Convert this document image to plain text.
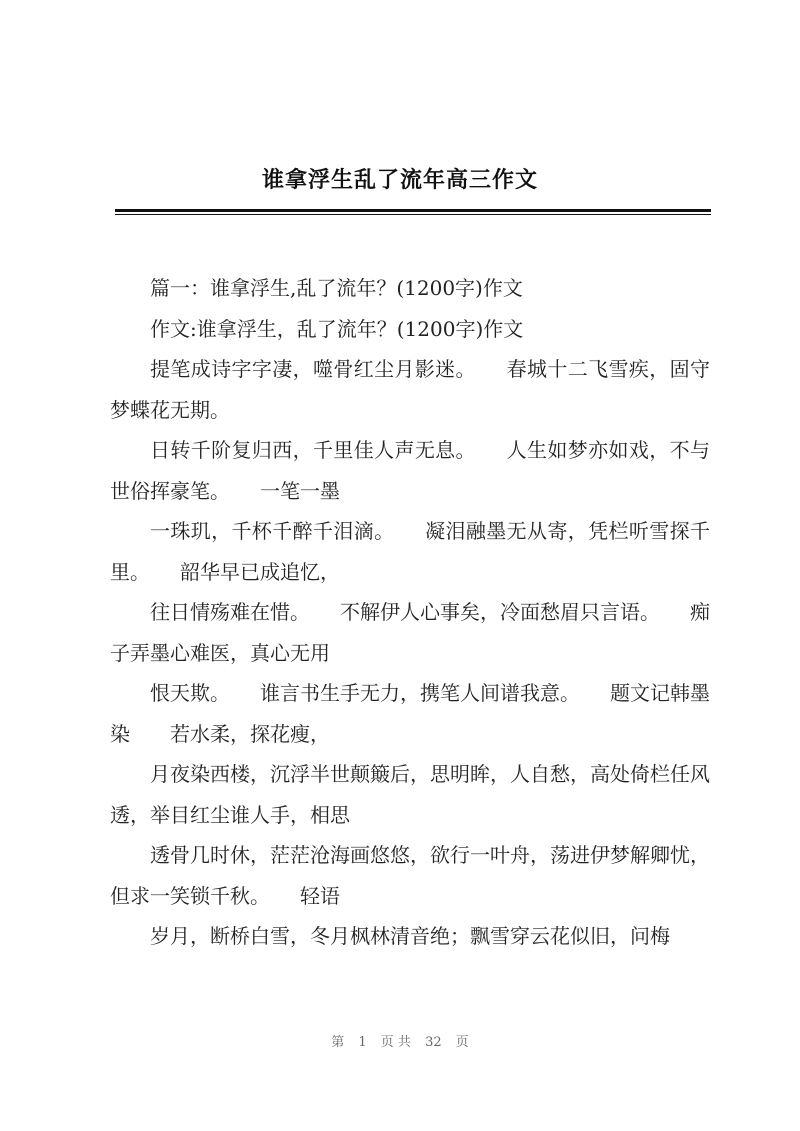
谁拿浮生乱了流年高三作文

篇一：谁拿浮生,乱了流年？(1200字)作文

作文:谁拿浮生，乱了流年？(1200字)作文

提笔成诗字字凄，噬骨红尘月影迷。　　春城十二飞雪疾，固守梦蝶花无期。

日转千阶复归西，千里佳人声无息。　　人生如梦亦如戏，不与世俗挥豪笔。　　一笔一墨

一珠玑，千杯千醉千泪滴。　　凝泪融墨无从寄，凭栏听雪探千里。　　韶华早已成追忆，

往日情殇难在惜。　　不解伊人心事矣，冷面愁眉只言语。　　痴子弄墨心难医，真心无用

恨天欺。　　谁言书生手无力，携笔人间谱我意。　　题文记韩墨染　　若水柔，探花瘦，

月夜染西楼，沉浮半世颠簸后，思明眸，人自愁，高处倚栏任风透，举目红尘谁人手，相思

透骨几时休，茫茫沧海画悠悠，欲行一叶舟，荡进伊梦解卿忧，但求一笑锁千秋。　　轻语

岁月，断桥白雪，冬月枫林清音绝；飘雪穿云花似旧，问梅

第 1 页 共 32 页
